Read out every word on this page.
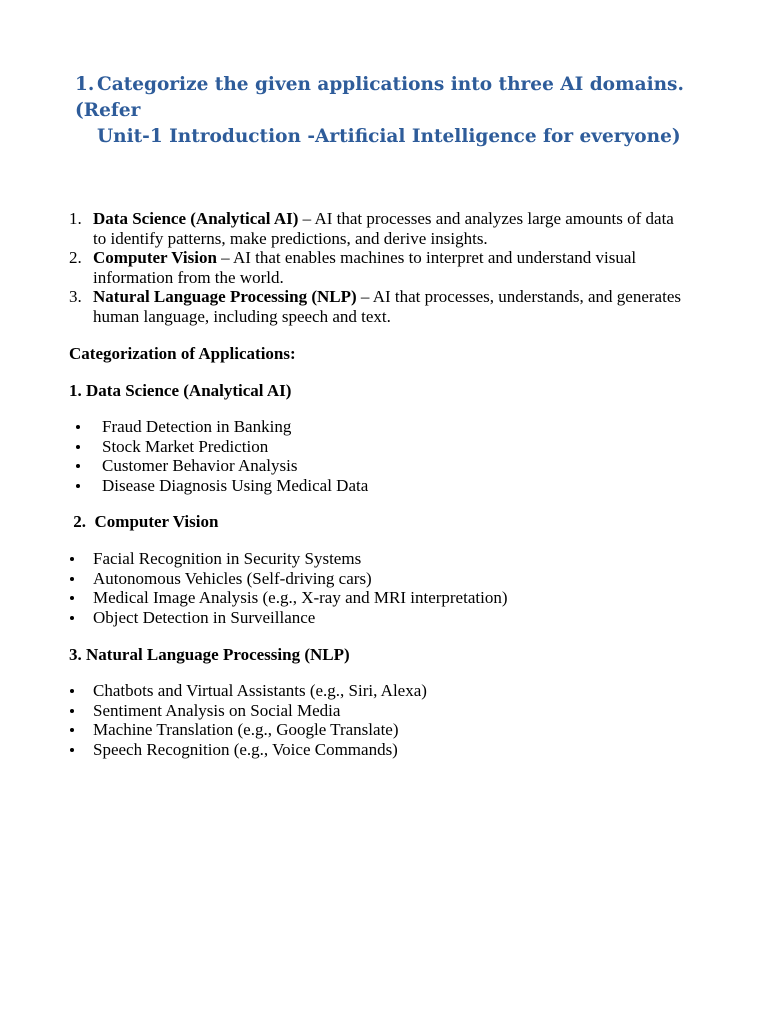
1. Categorize the given applications into three AI domains. (Refer
Unit-1 Introduction -Artificial Intelligence for everyone)
1. Data Science (Analytical AI) – AI that processes and analyzes large amounts of data
to identify patterns, make predictions, and derive insights.
2. Computer Vision – AI that enables machines to interpret and understand visual
information from the world.
3. Natural Language Processing (NLP) – AI that processes, understands, and generates
human language, including speech and text.
Categorization of Applications:
1. Data Science (Analytical AI)
Fraud Detection in Banking
Stock Market Prediction
Customer Behavior Analysis
Disease Diagnosis Using Medical Data
2.  Computer Vision
Facial Recognition in Security Systems
Autonomous Vehicles (Self-driving cars)
Medical Image Analysis (e.g., X-ray and MRI interpretation)
Object Detection in Surveillance
3. Natural Language Processing (NLP)
Chatbots and Virtual Assistants (e.g., Siri, Alexa)
Sentiment Analysis on Social Media
Machine Translation (e.g., Google Translate)
Speech Recognition (e.g., Voice Commands)
